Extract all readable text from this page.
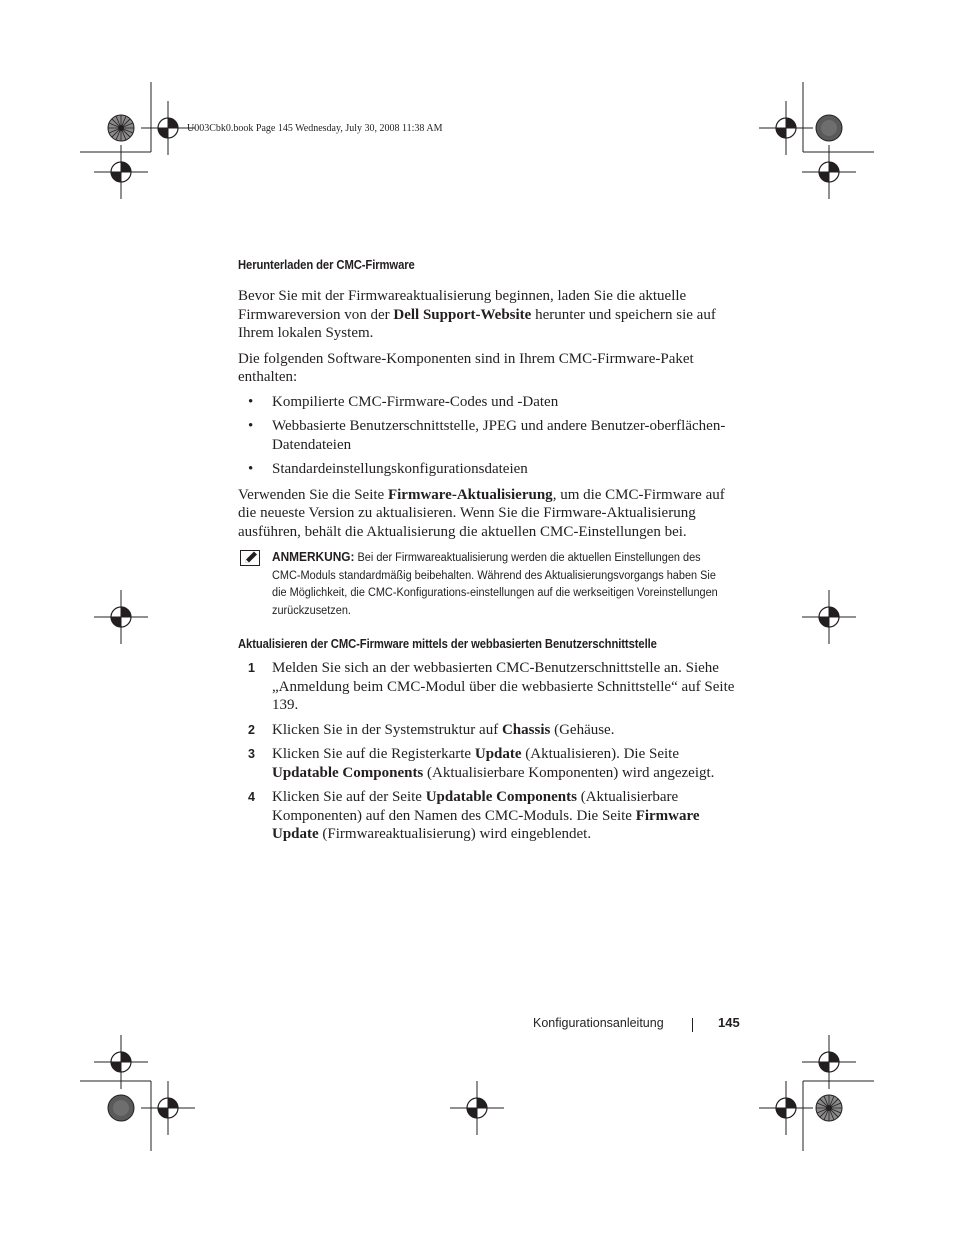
U003Cbk0.book Page 145 Wednesday, July 30, 2008 11:38 AM
Herunterladen der CMC-Firmware

Bevor Sie mit der Firmwareaktualisierung beginnen, laden Sie die aktuelle Firmwareversion von der Dell Support-Website herunter und speichern sie auf Ihrem lokalen System.

Die folgenden Software-Komponenten sind in Ihrem CMC-Firmware-Paket enthalten:

• Kompilierte CMC-Firmware-Codes und -Daten
• Webbasierte Benutzerschnittstelle, JPEG und andere Benutzer-oberflächen-Datendateien
• Standardeinstellungskonfigurationsdateien

Verwenden Sie die Seite Firmware-Aktualisierung, um die CMC-Firmware auf die neueste Version zu aktualisieren. Wenn Sie die Firmware-Aktualisierung ausführen, behält die Aktualisierung die aktuellen CMC-Einstellungen bei.

ANMERKUNG: Bei der Firmwareaktualisierung werden die aktuellen Einstellungen des CMC-Moduls standardmäßig beibehalten. Während des Aktualisierungsvorgangs haben Sie die Möglichkeit, die CMC-Konfigurations-einstellungen auf die werkseitigen Voreinstellungen zurückzusetzen.
Aktualisieren der CMC-Firmware mittels der webbasierten Benutzerschnittstelle
1 Melden Sie sich an der webbasierten CMC-Benutzerschnittstelle an. Siehe „Anmeldung beim CMC-Modul über die webbasierte Schnittstelle“ auf Seite 139.
2 Klicken Sie in der Systemstruktur auf Chassis (Gehäuse.
3 Klicken Sie auf die Registerkarte Update (Aktualisieren). Die Seite Updatable Components (Aktualisierbare Komponenten) wird angezeigt.
4 Klicken Sie auf der Seite Updatable Components (Aktualisierbare Komponenten) auf den Namen des CMC-Moduls. Die Seite Firmware Update (Firmwareaktualisierung) wird eingeblendet.
Konfigurationsanleitung	145
